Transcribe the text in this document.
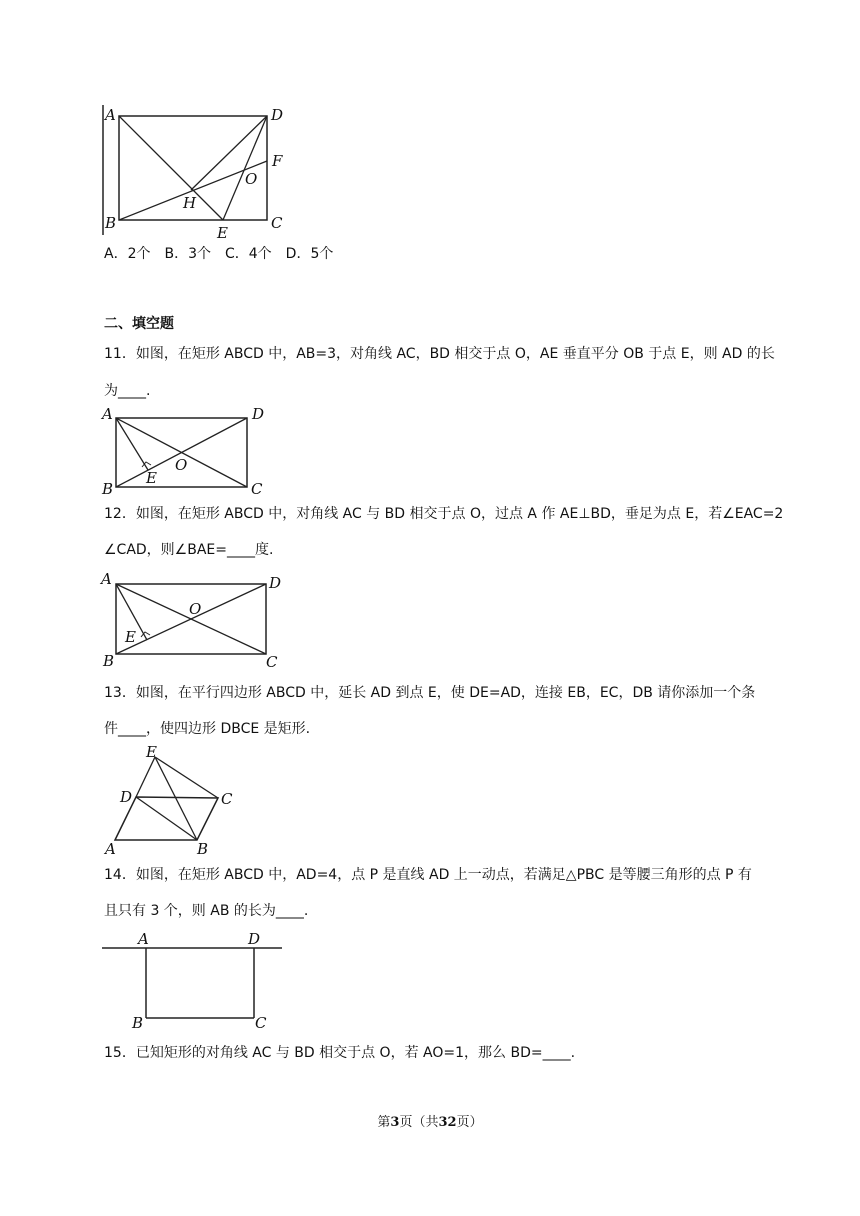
A	D
F
O
H
B	C
E
A．2个　B．3个　C．4个　D．5个
二、填空题
11．如图，在矩形 ABCD 中，AB=3，对角线 AC，BD 相交于点 O，AE 垂直平分 OB 于点 E，则 AD 的长
为____.
A	D
O
E
B	C
12．如图，在矩形 ABCD 中，对角线 AC 与 BD 相交于点 O，过点 A 作 AE⊥BD，垂足为点 E，若∠EAC=2
∠CAD，则∠BAE=____度.
A	D
O
E
B	C
13．如图，在平行四边形 ABCD 中，延长 AD 到点 E，使 DE=AD，连接 EB，EC，DB 请你添加一个条
件____，使四边形 DBCE 是矩形.
E
D	C
A	B
14．如图，在矩形 ABCD 中，AD=4，点 P 是直线 AD 上一动点，若满足△PBC 是等腰三角形的点 P 有
且只有 3 个，则 AB 的长为____.
A	D
B	C
15．已知矩形的对角线 AC 与 BD 相交于点 O，若 AO=1，那么 BD=____.
第3页（共32页）
